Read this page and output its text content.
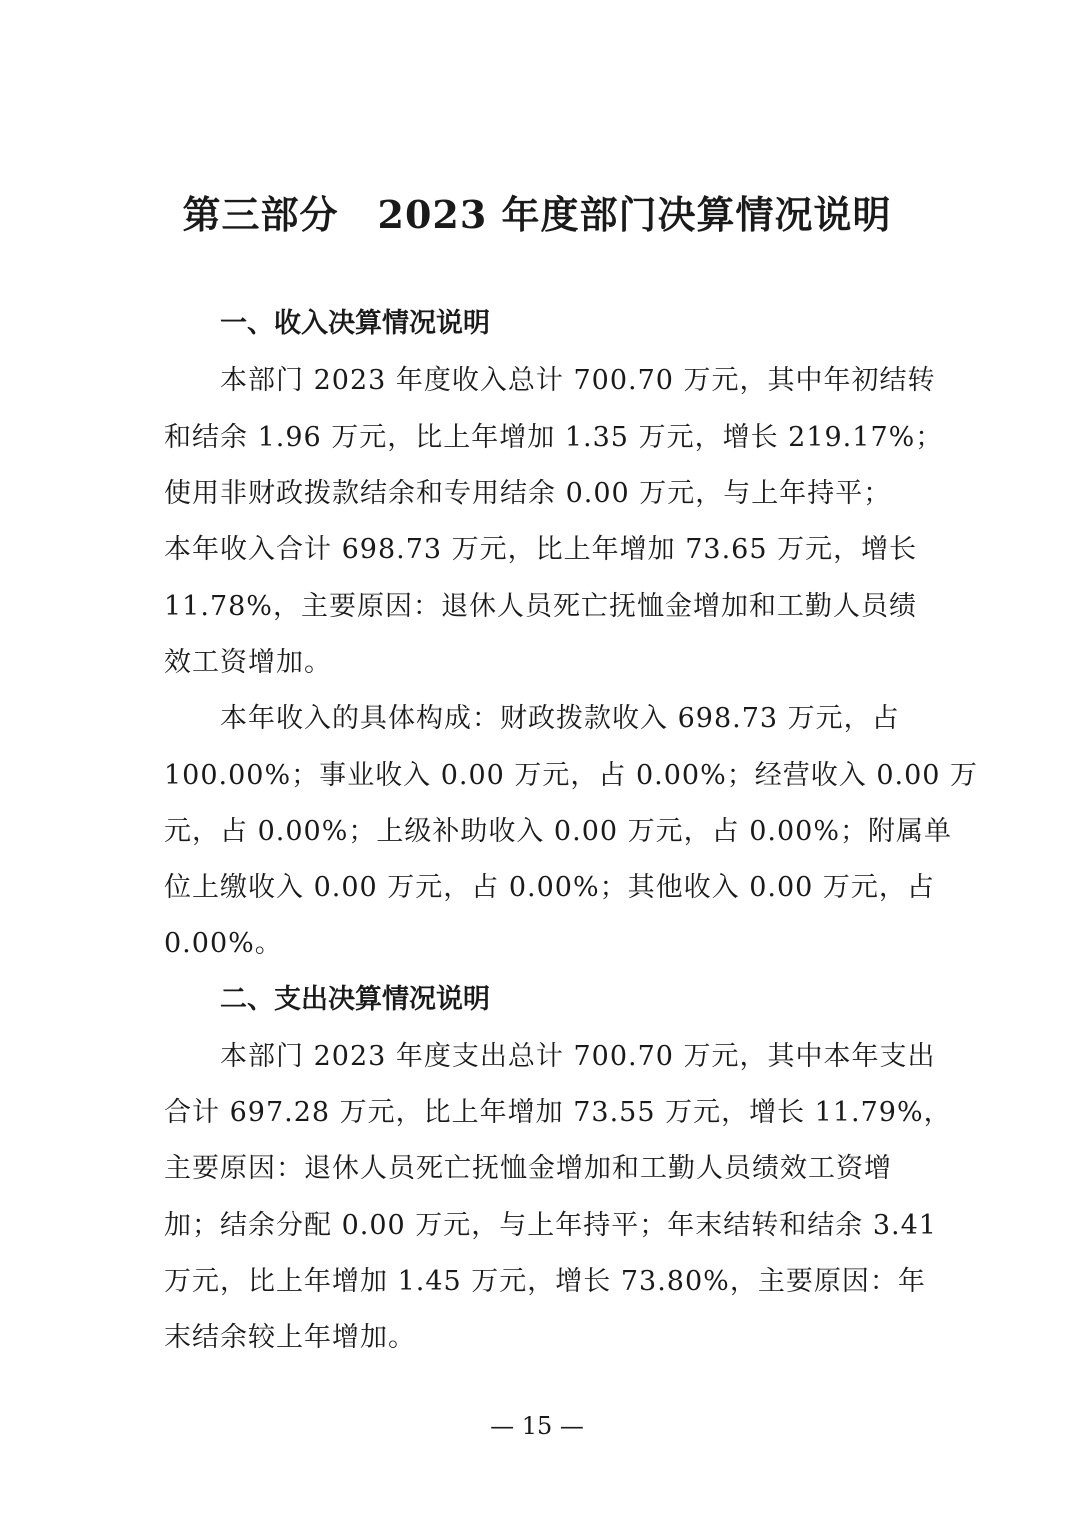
第三部分　2023 年度部门决算情况说明
一、收入决算情况说明
本部门 2023 年度收入总计 700.70 万元，其中年初结转
和结余 1.96 万元，比上年增加 1.35 万元，增长 219.17%；
使用非财政拨款结余和专用结余 0.00 万元，与上年持平；
本年收入合计 698.73 万元，比上年增加 73.65 万元，增长
11.78%，主要原因：退休人员死亡抚恤金增加和工勤人员绩
效工资增加。
本年收入的具体构成：财政拨款收入 698.73 万元，占
100.00%；事业收入 0.00 万元，占 0.00%；经营收入 0.00 万
元，占 0.00%；上级补助收入 0.00 万元，占 0.00%；附属单
位上缴收入 0.00 万元，占 0.00%；其他收入 0.00 万元，占
0.00%。
二、支出决算情况说明
本部门 2023 年度支出总计 700.70 万元，其中本年支出
合计 697.28 万元，比上年增加 73.55 万元，增长 11.79%，
主要原因：退休人员死亡抚恤金增加和工勤人员绩效工资增
加；结余分配 0.00 万元，与上年持平；年末结转和结余 3.41
万元，比上年增加 1.45 万元，增长 73.80%，主要原因：年
末结余较上年增加。
— 15 —
